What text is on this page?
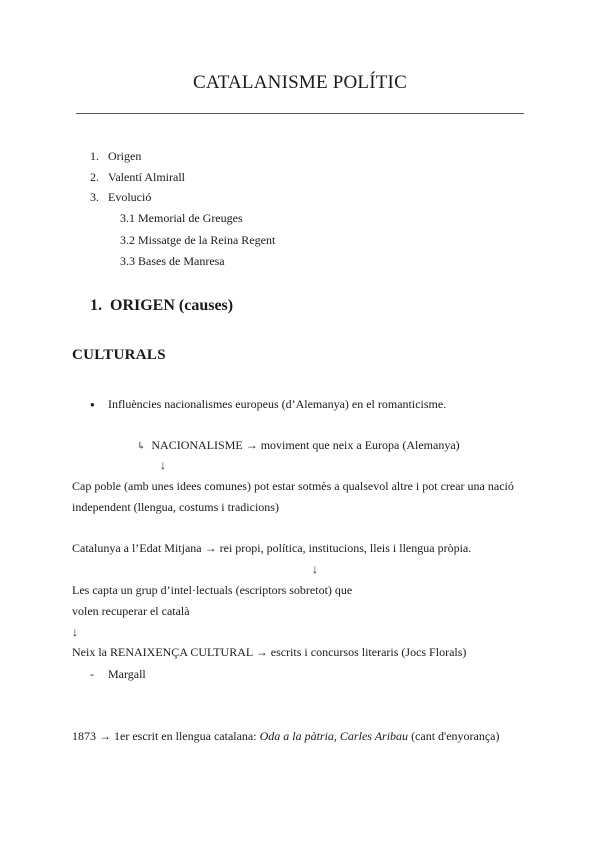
CATALANISME POLÍTIC
1. Origen
2. Valentí Almirall
3. Evolució
3.1 Memorial de Greuges
3.2 Missatge de la Reina Regent
3.3 Bases de Manresa
1. ORIGEN (causes)
CULTURALS
● Influències nacionalismes europeus (d’Alemanya) en el romanticisme.
↳ NACIONALISME → moviment que neix a Europa (Alemanya)
↓
Cap poble (amb unes idees comunes) pot estar sotmès a qualsevol altre i pot crear una nació
independent (llengua, costums i tradicions)
Catalunya a l’Edat Mitjana → rei propi, política, institucions, lleis i llengua pròpia.
↓
Les capta un grup d’intel·lectuals (escriptors sobretot) que
volen recuperar el català
↓
Neix la RENAIXENÇA CULTURAL → escrits i concursos literaris (Jocs Florals)
- Margall
1873 → 1er escrit en llengua catalana: Oda a la pàtria, Carles Aribau (cant d'enyorança)
